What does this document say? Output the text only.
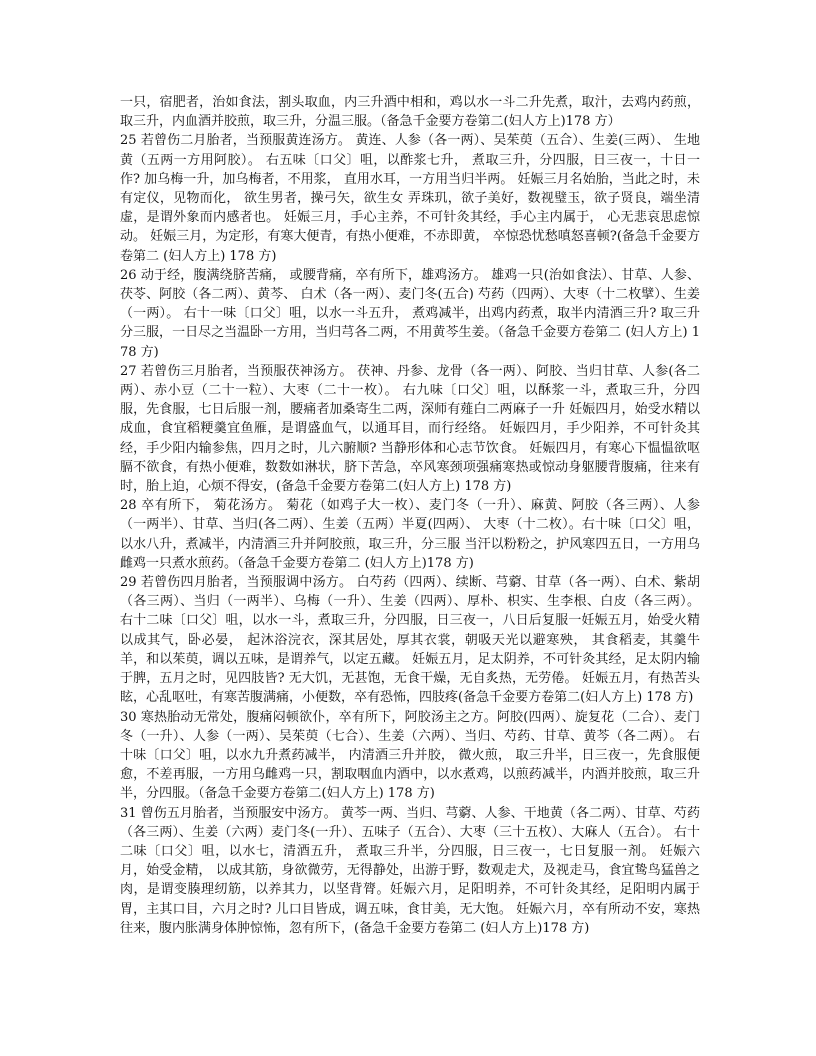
一只，宿肥者，治如食法，割头取血，内三升酒中相和，鸡以水一斗二升先煮，取汁，去鸡内药煎，取三升，内血酒并胶煎，取三升，分温三服。（备急千金要方卷第二(妇人方上)178 方）

25 若曾伤二月胎者，当预服黄连汤方。 黄连、人参（各一两）、吴茱萸（五合）、生姜(三两）、 生地黄（五两一方用阿胶）。 右五味〔口父〕咀，以酢浆七升， 煮取三升，分四服，日三夜一，十日一作? 加乌梅一升，加乌梅者，不用浆， 直用水耳，一方用当归半两。 妊娠三月名始胎，当此之时，未有定仪，见物而化， 欲生男者，操弓矢，欲生女 弄珠玑，欲子美好，数视璧玉，欲子贤良，端坐清虚，是谓外象而内感者也。 妊娠三月，手心主养，不可针灸其经，手心主内属于， 心无悲哀思虑惊动。 妊娠三月，为定形，有寒大便青，有热小便难，不赤即黄， 卒惊恐忧愁嗔怒喜顿?(备急千金要方卷第二 (妇人方上) 178 方)

26 动于经，腹满绕脐苦痛， 或腰背痛，卒有所下，雄鸡汤方。 雄鸡一只(治如食法）、甘草、人参、茯苓、阿胶（各二两）、黄芩、 白术（各一两）、麦门冬(五合) 芍药（四两）、大枣（十二枚擘）、生姜（一两）。 右十一味〔口父〕咀，以水一斗五升， 煮鸡减半，出鸡内药煮，取半内清酒三升? 取三升分三服，一日尽之当温卧一方用，当归芎各二两，不用黄芩生姜。（备急千金要方卷第二 (妇人方上) 178 方)

27 若曾伤三月胎者，当预服茯神汤方。 茯神、丹参、龙骨（各一两）、阿胶、当归甘草、人参(各二两）、赤小豆（二十一粒）、大枣（二十一枚）。 右九味〔口父〕咀，以酥浆一斗，煮取三升，分四服，先食服，七日后服一剂，腰痛者加桑寄生二两，深师有薤白二两麻子一升 妊娠四月，始受水精以成血，食宜稻粳羹宜鱼雁，是谓盛血气，以通耳目，而行经络。 妊娠四月，手少阳养，不可针灸其经，手少阳内输参焦，四月之时，儿六腑顺? 当静形体和心志节饮食。 妊娠四月，有寒心下愠愠欲呕膈不欲食，有热小便难，数数如淋状，脐下苦急，卒风寒颈项强痛寒热或惊动身躯腰背腹痛，往来有时，胎上迫，心烦不得安，(备急千金要方卷第二(妇人方上) 178 方)

28 卒有所下， 菊花汤方。 菊花（如鸡子大一枚）、麦门冬（一升）、麻黄、阿胶（各三两）、人参（一两半）、甘草、当归(各二两）、生姜（五两）半夏(四两）、 大枣（十二枚）。右十味〔口父〕咀，以水八升，煮减半，内清酒三升并阿胶煎，取三升，分三服 当汗以粉粉之，护风寒四五日，一方用乌雌鸡一只煮水煎药。（备急千金要方卷第二 (妇人方上)178 方)

29 若曾伤四月胎者，当预服调中汤方。 白芍药（四两）、续断、芎藭、甘草（各一两）、白术、紫胡（各三两）、当归（一两半）、乌梅（一升）、生姜（四两）、厚朴、枳实、生李根、白皮（各三两）。 右十二味〔口父〕咀，以水一斗，煮取三升，分四服，日三夜一，八日后复服一妊娠五月，始受火精以成其气，卧必晏， 起沐浴浣衣，深其居处，厚其衣裳，朝吸天光以避寒殃， 其食稻麦，其羹牛羊，和以茱萸，调以五味，是谓养气，以定五藏。 妊娠五月，足太阴养，不可针灸其经，足太阴内输于脾，五月之时，见四肢皆? 无大饥，无甚饱，无食干燥，无自炙热，无劳倦。 妊娠五月，有热苦头眩，心乱呕吐，有寒苦腹满痛，小便数，卒有恐怖，四肢疼(备急千金要方卷第二(妇人方上) 178 方)

30 寒热胎动无常处，腹痛闷顿欲仆，卒有所下，阿胶汤主之方。阿胶(四两）、旋复花（二合）、麦门冬（一升）、人参（一两）、吴茱萸（七合）、生姜（六两）、当归、芍药、甘草、黄芩（各二两）。 右十味〔口父〕咀，以水九升煮药减半， 内清酒三升并胶， 微火煎， 取三升半，日三夜一，先食服便愈，不差再服，一方用乌雌鸡一只，割取咽血内酒中，以水煮鸡，以煎药减半，内酒并胶煎，取三升半，分四服。（备急千金要方卷第二(妇人方上) 178 方)

31 曾伤五月胎者，当预服安中汤方。 黄芩一两、当归、芎藭、人参、干地黄（各二两）、甘草、芍药（各三两）、生姜（六两）麦门冬(一升）、五味子（五合）、大枣（三十五枚）、大麻人（五合）。 右十二味〔口父〕咀，以水七，清酒五升， 煮取三升半，分四服，日三夜一，七日复服一剂。 妊娠六月，始受金精， 以成其筋，身欲微劳，无得静处，出游于野，数观走犬，及视走马，食宜鸷鸟猛兽之肉，是谓变腠理纫筋，以养其力，以坚背膂。妊娠六月，足阳明养，不可针灸其经，足阳明内属于胃，主其口目，六月之时? 儿口目皆成，调五味，食甘美，无大饱。 妊娠六月，卒有所动不安，寒热往来，腹内胀满身体肿惊怖，忽有所下，(备急千金要方卷第二 (妇人方上)178 方)
